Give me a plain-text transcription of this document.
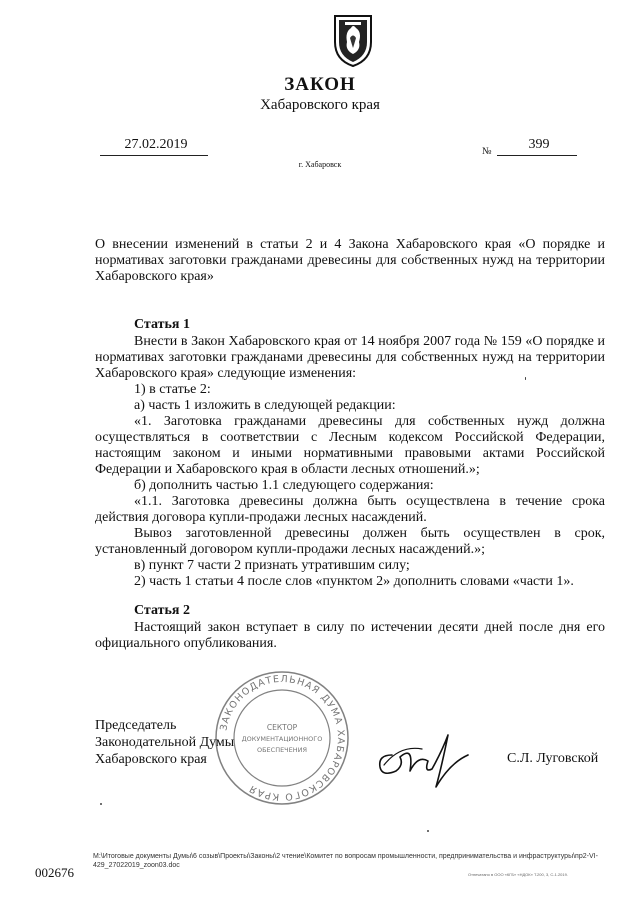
ЗАКОН
Хабаровского края
27.02.2019	№	399
г. Хабаровск
О внесении изменений в статьи 2 и 4 Закона Хабаровского края «О порядке и нормативах заготовки гражданами древесины для собственных нужд на территории Хабаровского края»
Статья 1

Внести в Закон Хабаровского края от 14 ноября 2007 года № 159 «О порядке и нормативах заготовки гражданами древесины для собственных нужд на территории Хабаровского края» следующие изменения:

1) в статье 2:

а) часть 1 изложить в следующей редакции:

«1. Заготовка гражданами древесины для собственных нужд должна осуществляться в соответствии с Лесным кодексом Российской Федерации, настоящим законом и иными нормативными правовыми актами Российской Федерации и Хабаровского края в области лесных отношений.»;

б) дополнить частью 1.1 следующего содержания:

«1.1. Заготовка древесины должна быть осуществлена в течение срока действия договора купли-продажи лесных насаждений.

Вывоз заготовленной древесины должен быть осуществлен в срок, установленный договором купли-продажи лесных насаждений.»;

в) пункт 7 части 2 признать утратившим силу;

2) часть 1 статьи 4 после слов «пунктом 2» дополнить словами «части 1».

Статья 2

Настоящий закон вступает в силу по истечении десяти дней после дня его официального опубликования.

ЗАКОНОДАТЕЛЬНАЯ ДУМА ХАБАРОВСКОГО КРАЯ
СЕКТОР
ДОКУМЕНТАЦИОННОГО
ОБЕСПЕЧЕНИЯ
Председатель
Законодательной Думы
Хабаровского края	С.Л. Луговской
M:\Итоговые документы Думы\6 созыв\Проекты\Законы\2 чтение\Комитет по вопросам промышленности, предпринимательства и инфраструктуры\пр2-VI-429_27022019_zoon03.doc
Отпечатано в ООО «КГБ» «НДОК» Т.200, 3, С-1.2019.
002676
